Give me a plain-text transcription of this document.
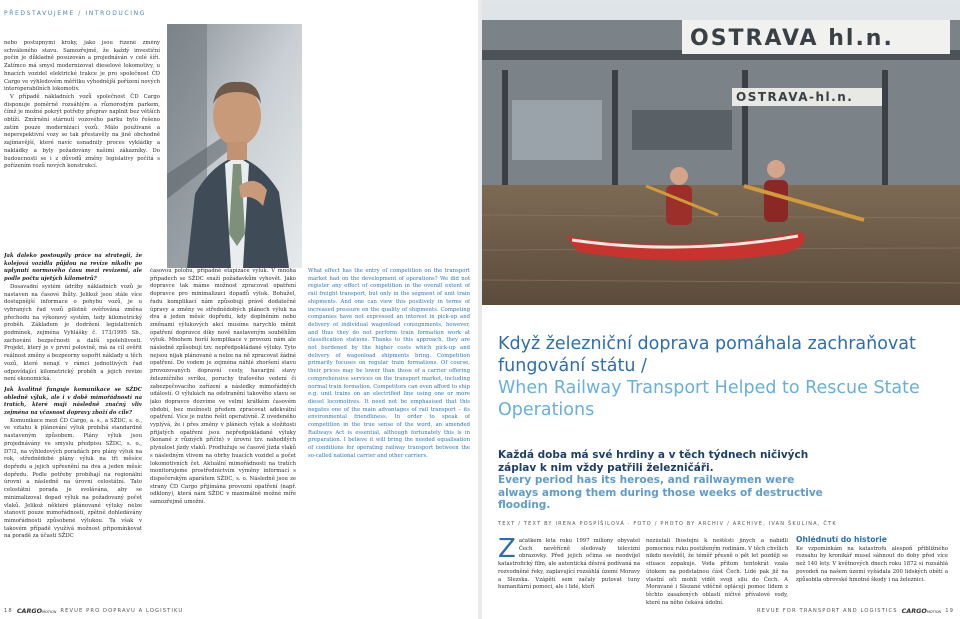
PŘEDSTAVUJEME / INTRODUCING

nebo postupnými kroky, jako jsou řízené změny schváleného stavu. Samozřejmě, že každý investiční počin je důkladně posuzován a projednáván v celé šíři. Zatímco má smysl modernizovat dieselové lokomotivy, u hnacích vozidel elektrické trakce je pro společnost ČD Cargo ve výhledovém měřítku výhodnější pořízení nových interoperabilních lokomotiv.

V případě nákladních vozů společnost ČD Cargo disponuje poměrně rozsáhlým a různorodým parkem, čímž je možné pokrýt potřeby přeprav naplnit bez větších obtíží. Zmírnění stárnutí vozového parku bylo řešeno zatím pouze modernizací vozů. Málo používané a neperspektivní vozy se tak přestavěly na jiné obchodně zajímavější, které navíc usnadnily proces vykládky a nakládky a byly požadovány našimi zákazníky. Do budoucnosti se i z důvodů změny legislativy počítá s pořízením vozů nových konstrukcí.

Jak daleko postoupily práce na strategii, že kolejová vozidla půjdou na revize nikoliv po uplynutí normového času mezi revizemi, ale podle počtu ujetých kilometrů?

Dosavadní systém údržby nákladních vozů je nastaven na časové lhůty. Jelikož jsou stále více dostupnější informace o pohybu vozů, je u vybraných řad vozů pilotně ověřována změna přechodu na výkonový systém, tedy kilometrický proběh. Základem je dodržení legislativních podmínek, zejména Vyhlášky č. 173/1995 Sb., zachování bezpečnosti a další spolehlivosti. Projekt, který je v první polovině, má za cíl ověřit reálnost změny a bezpeorny uspořit náklady u těch vozů, které nenají v rámci jednotlivých řad odpovídající kilometrický proběh a jejich revize není ekonomická.

Jak kvalitně funguje komunikace se SŽDC ohledně výluk, ale i v době mimořádností na tratích, které mají následně značný vliv zejména na včasnost dopravy zboží do cíle?

Komunikace mezi ČD Cargo, a. s., a SŽDC, s. o., ve vztahu k plánování výluk probíhá standardně nastaveným způsobem. Plány výluk jsou projednávány ve smyslu předpisu SŽDC, s. o., D7/2, na výhledových poradách pro plány výluk na rok, střednědobé plány výluk na tři měsíce dopředu a jejich upřesnění na dva a jeden měsíc dopředu. Podle potřeby probíhají na regionální úrovni a následně na úrovni celostátní. Tato celostátní porada je svolávána, aby se minimalizoval dopad výluk na požadovaný počet vlaků. Jelikož některé plánované výluky nelze stanovit pouze mimořádností, zpětně dohledávány mimořádnosti způsobené výlukou. Ta však v takovém případě využívá možnost připomínkovat na poradě za účasti SŽDC

časovou polohu, případně etapizace výluk. V mnoha případech se SŽDC snaží požadavkům vyhovět. Jako dopravce tak máme možnost zpracovat opatření dopravce pro minimalizaci dopadů výluk. Bohužel, řadu komplikací nám způsobují právě dodatečné úpravy a změny ve střednědobých plánech výluk na dva a jeden měsíc dopředu, kdy doplněním nebo změnami výlukových akcí musíme narychlo měnit opatření dopravce díky nově nastaveným souběhům výluk. Mnohem horší komplikace v provozu nám ale následně způsobují tzv. nepředpokládané výluky. Tyto nejsou nijak plánované a nelze na ně zpracovat žádné opatření. Do vodem je zejména náhlé zhoršení stavu provozovaných dopravní cesty, havarijní stavy železničního svršku, poruchy traťového vedení či zabezpečovacího zařízení a následky mimořádných událostí. O výlukách na odstranění takového stavu se jako dopravce dozvíme ve velmi krátkém časovém období, bez možnosti předem zpracovat adekvátní opatření. Více je nutno řešit operativně. Z uvedeného vyplývá, že i přes změny v plánech výluk a složitosti přijatých opatření jsou nepředpokládané výluky (konané z různých příčin) v úrovni tzv. nahodilých plynulost jízdy vlaků. Prodlužuje se časové jízda vlaků s následným vlivem na obrhy huacích vozidel a počet lokomotivních čet. Aktuální mimořádnosti na tratích monitorujeme prostřednictvím výměny informací s dispečerským aparátem SŽDC, s. o. Následně jsou ze strany ČD Cargo přijímána provozní opatření (např. odklony), která nám SŽDC v maximálně možné míře samozřejmě umožní.

What effect has the entry of competition on the transport market had on the development of operations? We did not register any effect of competition in the overall extent of rail freight transport, but only in the segment of unit train shipments. And one can view this positively in terms of increased pressure on the quality of shipments. Competing companies have not expressed an interest in pick-up and delivery of individual wagonload consignments, however, and thus they do not perform train formation work at classification stations. Thanks to this approach, they are not burdened by the higher costs which pick-up and delivery of wagonload shipments bring. Competition primarily focuses on regular train formations. Of course, their prices may be lower than those of a carrier offering comprehensive services on the transport market, including normal train formation. Competitors can even afford to ship e.g. unit trains on an electrified line using one or more diesel locomotives. It need not be emphasised that this negates one of the main advantages of rail transport – its environmental friendliness. In order to speak of competition in the true sense of the word, an amended Railways Act is essential, although fortunately this is in preparation. I believe it will bring the needed equalisation of conditions for operating railway transport between the so-called national carrier and other carriers.

18 CARGOMOTION REVUE PRO DOPRAVU A LOGISTIKU
OSTRAVA hl.n.
OSTRAVA-hl.n.
Když železniční doprava pomáhala zachraňovat fungování státu /
When Railway Transport Helped to Rescue State Operations
Každá doba má své hrdiny a v těch týdnech ničivých záplav k nim vždy patřili železničáři.
Every period has its heroes, and railwaymen were always among them during those weeks of destructive flooding.
TEXT / TEXT BY IRENA POSPÍŠILOVÁ · FOTO / PHOTO BY ARCHIV / ARCHIVE, IVAN ŠKULINA, ČTK
Z ačátkem léta roku 1997 miliony obyvatel Čech nevěřícně sledovaly televizní obrazovky. Před jejich očima se neodvíjel katastrofický film, ale autentická děsivá podívaná na rozvodněné řeky, zaplavující rozsáhlá území Moravy a Slezska. Vzápětí sem začaly putovat tuny humanitární pomoci, ale i lidé, kteří

nezůstali lhostejní k neštěstí jiných a nabídli pomocnou ruku postiženým rodinám. V těch chvílích nikdo nevěděl, že téměř přesně o pět let později se situace zopakuje. Voda přitom tentokrát vzala útokem na podstatnou část Čech. Lidé pak již na vlastní oči mohli vidět svoji silu do Čech. A Moravané i Slezané vděčně oplácejí pomoc lidem z těchto zasažených oblastí ničivé přívalové vody, které na něho čekává údolní.

Ohlédnutí do historie

Ke vzpomínkám na katastrofu alespoň přibližného rozsahu by kronikář musel sáhnout do doby před více než 140 lety. V květnových dnech roku 1872 si rozsáhlá povodeň na našem území vyžádala 200 lidských obětí a způsobila obrovské hmotné škody i na železnici.

REVUE FOR TRANSPORT AND LOGISTICS CARGOMOTION 19
